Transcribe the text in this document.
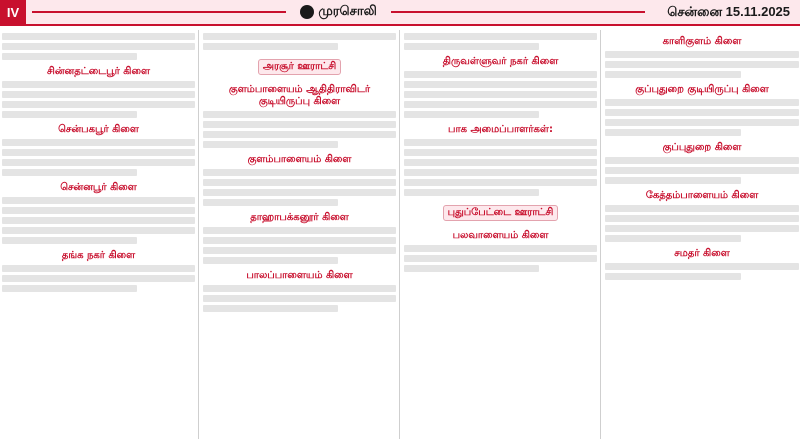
IV	முரசொலி	சென்னை 15.11.2025
சின்னதட்டைபூர் கிளை
சென்பகபூர் கிளை
சென்னபூர் கிளை
தங்க நகர் கிளை
அரசூர் ஊராட்சி
குளம்பாளையம் ஆதிதிராவிடர் குடியிருப்பு கிளை
குளம்பாளையம் கிளை
தாஹாபக்கனூர் கிளை
பாலப்பாளையம் கிளை
திருவள்ளுவர் நகர் கிளை
பாக அமைப்பாளர்கள்:
புதுப்பேட்டை ஊராட்சி
பலவாளையம் கிளை
காளிகுளம் கிளை
குப்புதுறை குடியிருப்பு கிளை
குப்புதுறை கிளை
கேத்தம்பாளையம் கிளை
சமதர் கிளை
